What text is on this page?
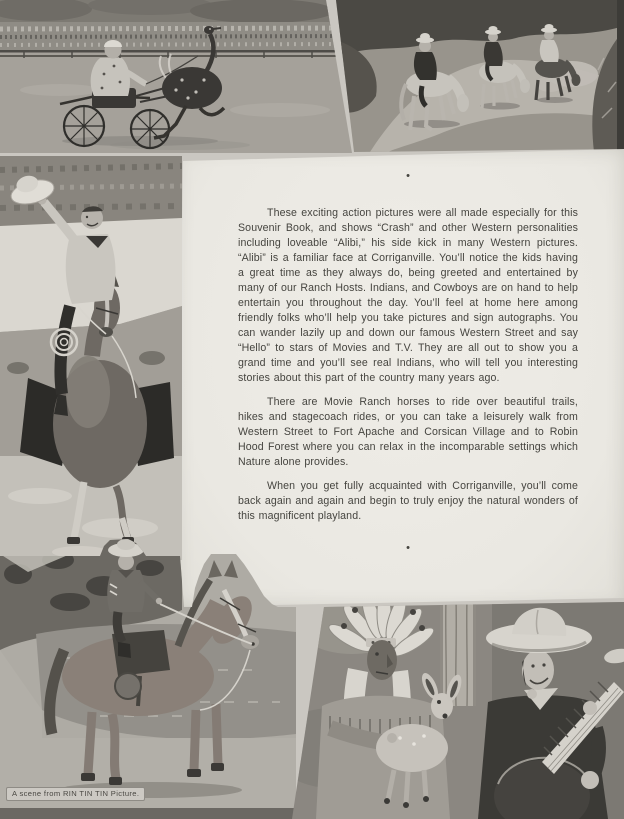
•

These exciting action pictures were all made especially for this Souvenir Book, and shows “Crash” and other Western personalities including loveable “Alibi,” his side kick in many Western pictures. “Alibi” is a familiar face at Corriganville. You’ll notice the kids having a great time as they always do, being greeted and entertained by many of our Ranch Hosts. Indians, and Cowboys are on hand to help entertain you throughout the day. You’ll feel at home here among friendly folks who’ll help you take pictures and sign autographs. You can wander lazily up and down our famous Western Street and say “Hello” to stars of Movies and T.V. They are all out to show you a grand time and you’ll see real Indians, who will tell you interesting stories about this part of the country many years ago.

There are Movie Ranch horses to ride over beautiful trails, hikes and stagecoach rides, or you can take a leisurely walk from Western Street to Fort Apache and Corsican Village and to Robin Hood Forest where you can relax in the incomparable settings which Nature alone provides.

When you get fully acquainted with Corriganville, you’ll come back again and again and begin to truly enjoy the natural wonders of this magnificent playland.

•
A scene from RIN TIN TIN Picture.
